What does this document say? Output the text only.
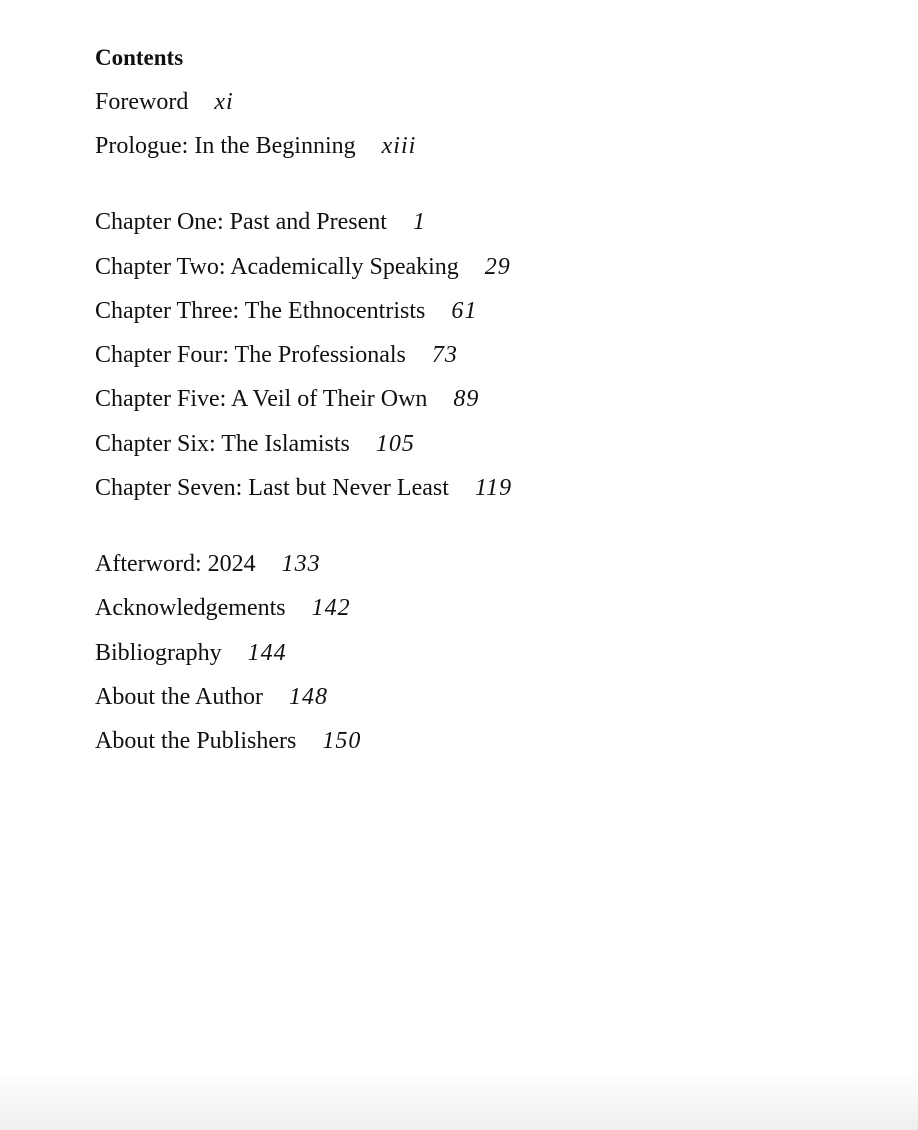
Contents
Foreword xi
Prologue: In the Beginning xiii
Chapter One: Past and Present 1
Chapter Two: Academically Speaking 29
Chapter Three: The Ethnocentrists 61
Chapter Four: The Professionals 73
Chapter Five: A Veil of Their Own 89
Chapter Six: The Islamists 105
Chapter Seven: Last but Never Least 119
Afterword: 2024 133
Acknowledgements 142
Bibliography 144
About the Author 148
About the Publishers 150
